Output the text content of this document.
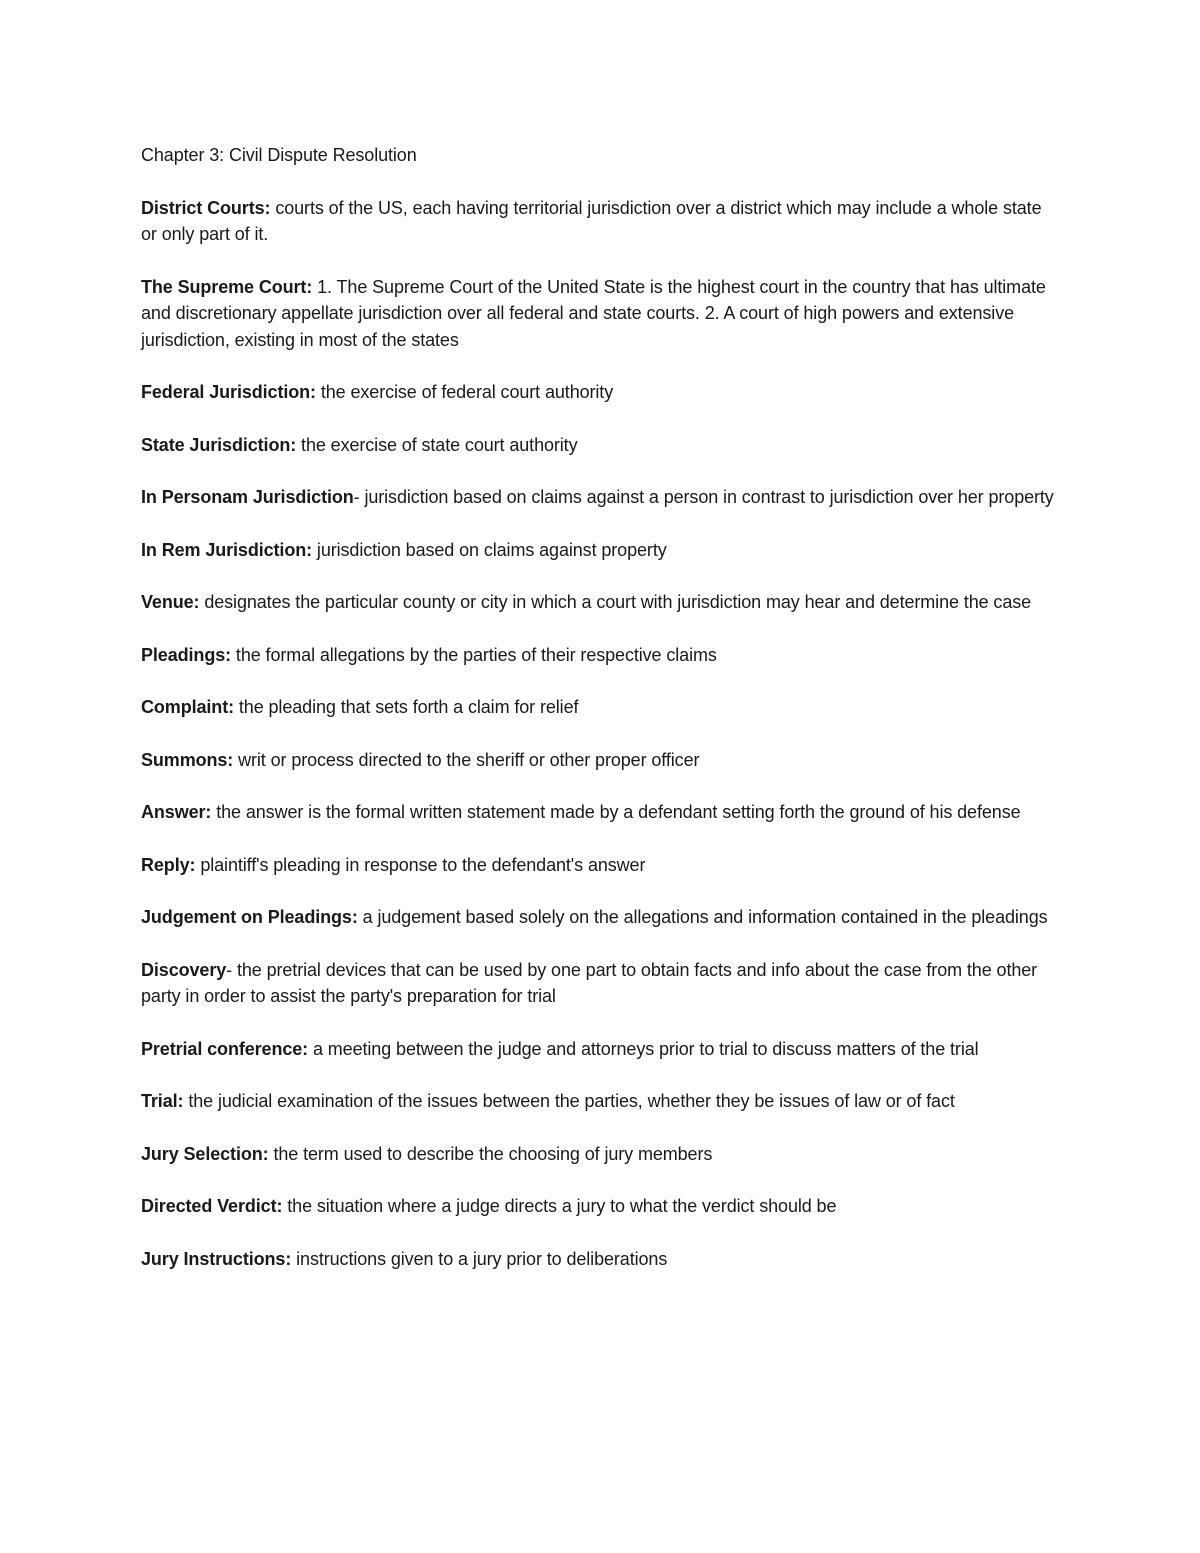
Chapter 3: Civil Dispute Resolution

District Courts: courts of the US, each having territorial jurisdiction over a district which may include a whole state or only part of it.

The Supreme Court: 1. The Supreme Court of the United State is the highest court in the country that has ultimate and discretionary appellate jurisdiction over all federal and state courts. 2. A court of high powers and extensive jurisdiction, existing in most of the states

Federal Jurisdiction: the exercise of federal court authority

State Jurisdiction: the exercise of state court authority

In Personam Jurisdiction- jurisdiction based on claims against a person in contrast to jurisdiction over her property

In Rem Jurisdiction: jurisdiction based on claims against property

Venue: designates the particular county or city in which a court with jurisdiction may hear and determine the case

Pleadings: the formal allegations by the parties of their respective claims

Complaint: the pleading that sets forth a claim for relief

Summons: writ or process directed to the sheriff or other proper officer

Answer: the answer is the formal written statement made by a defendant setting forth the ground of his defense

Reply: plaintiff's pleading in response to the defendant's answer

Judgement on Pleadings: a judgement based solely on the allegations and information contained in the pleadings

Discovery- the pretrial devices that can be used by one part to obtain facts and info about the case from the other party in order to assist the party's preparation for trial

Pretrial conference: a meeting between the judge and attorneys prior to trial to discuss matters of the trial

Trial: the judicial examination of the issues between the parties, whether they be issues of law or of fact

Jury Selection: the term used to describe the choosing of jury members

Directed Verdict: the situation where a judge directs a jury to what the verdict should be

Jury Instructions: instructions given to a jury prior to deliberations
